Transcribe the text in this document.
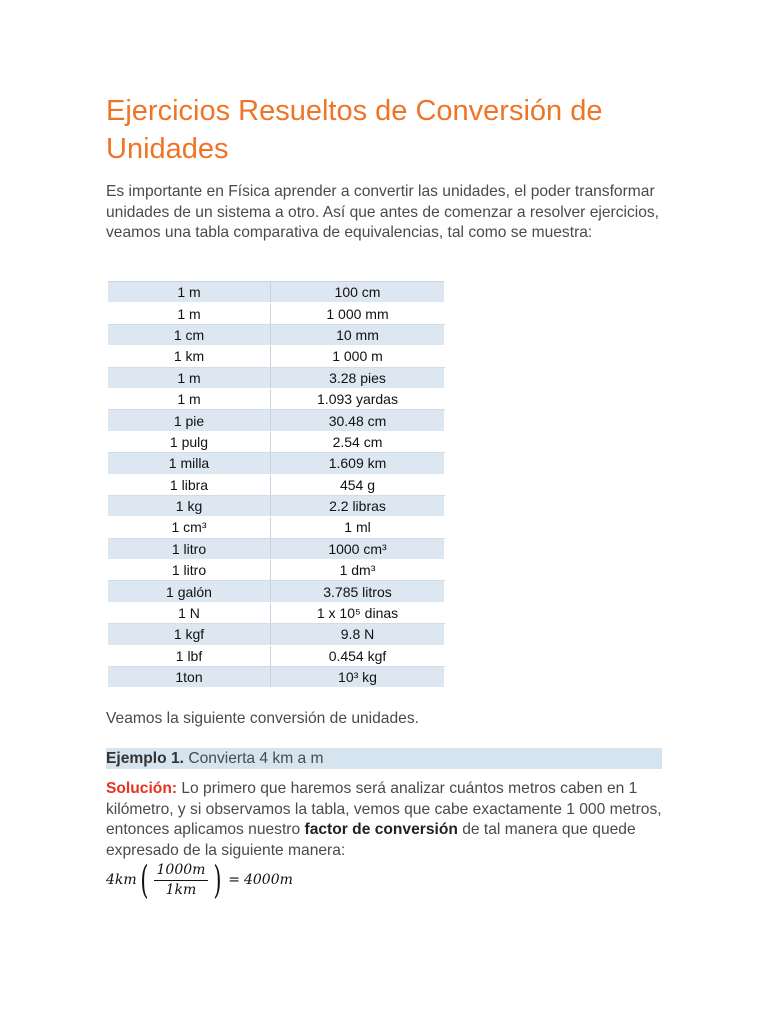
Ejercicios Resueltos de Conversión de Unidades

Es importante en Física aprender a convertir las unidades, el poder transformar unidades de un sistema a otro. Así que antes de comenzar a resolver ejercicios, veamos una tabla comparativa de equivalencias, tal como se muestra:

1 m	100 cm
1 m	1 000 mm
1 cm	10 mm
1 km	1 000 m
1 m	3.28 pies
1 m	1.093 yardas
1 pie	30.48 cm
1 pulg	2.54 cm
1 milla	1.609 km
1 libra	454 g
1 kg	2.2 libras
1 cm³	1 ml
1 litro	1000 cm³
1 litro	1 dm³
1 galón	3.785 litros
1 N	1 x 10⁵ dinas
1 kgf	9.8 N
1 lbf	0.454 kgf
1ton	10³ kg

Veamos la siguiente conversión de unidades.

Ejemplo 1. Convierta 4 km a m

Solución: Lo primero que haremos será analizar cuántos metros caben en 1 kilómetro, y si observamos la tabla, vemos que cabe exactamente 1 000 metros, entonces aplicamos nuestro factor de conversión de tal manera que quede expresado de la siguiente manera:

4km ( $\frac{1000m}{1km}$ ) = 4000m
